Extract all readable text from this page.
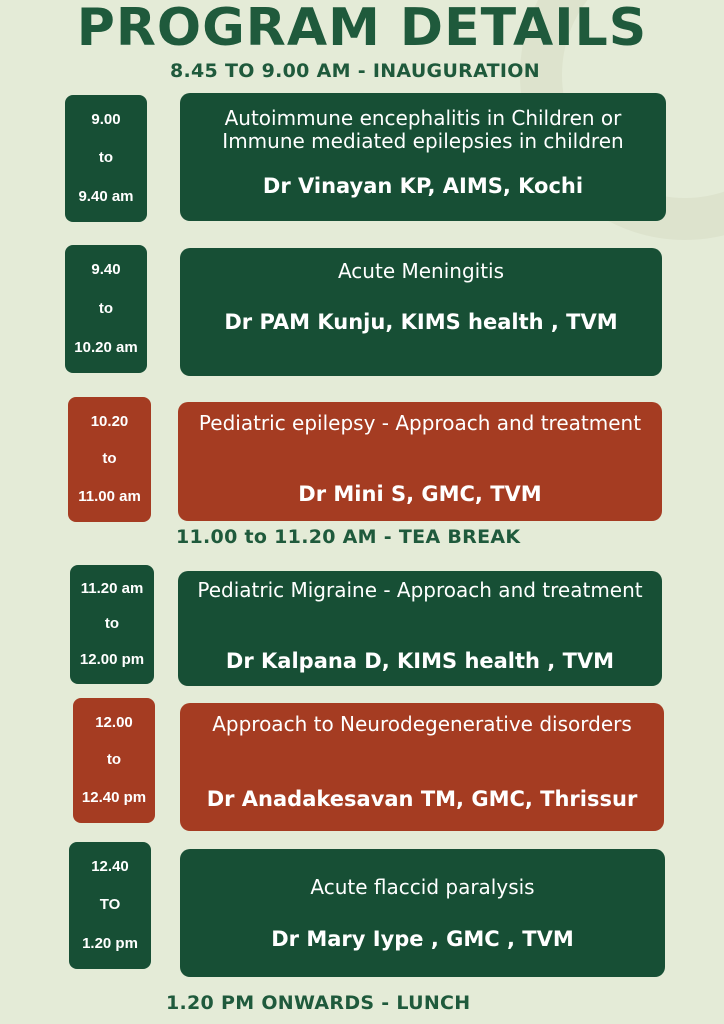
PROGRAM DETAILS
8.45 TO 9.00 AM - INAUGURATION
9.00
to
9.40 am
Autoimmune encephalitis in Children or Immune mediated epilepsies in children
Dr Vinayan KP, AIMS, Kochi
9.40
to
10.20 am
Acute Meningitis
Dr PAM Kunju, KIMS health , TVM
10.20
to
11.00 am
Pediatric epilepsy - Approach and treatment
Dr Mini S, GMC, TVM
11.00 to 11.20 AM - TEA BREAK
11.20 am
to
12.00 pm
Pediatric Migraine - Approach and treatment
Dr Kalpana D, KIMS health , TVM
12.00
to
12.40 pm
Approach to Neurodegenerative disorders
Dr Anadakesavan TM, GMC, Thrissur
12.40
TO
1.20 pm
Acute flaccid paralysis
Dr Mary Iype , GMC , TVM
1.20 PM ONWARDS - LUNCH
